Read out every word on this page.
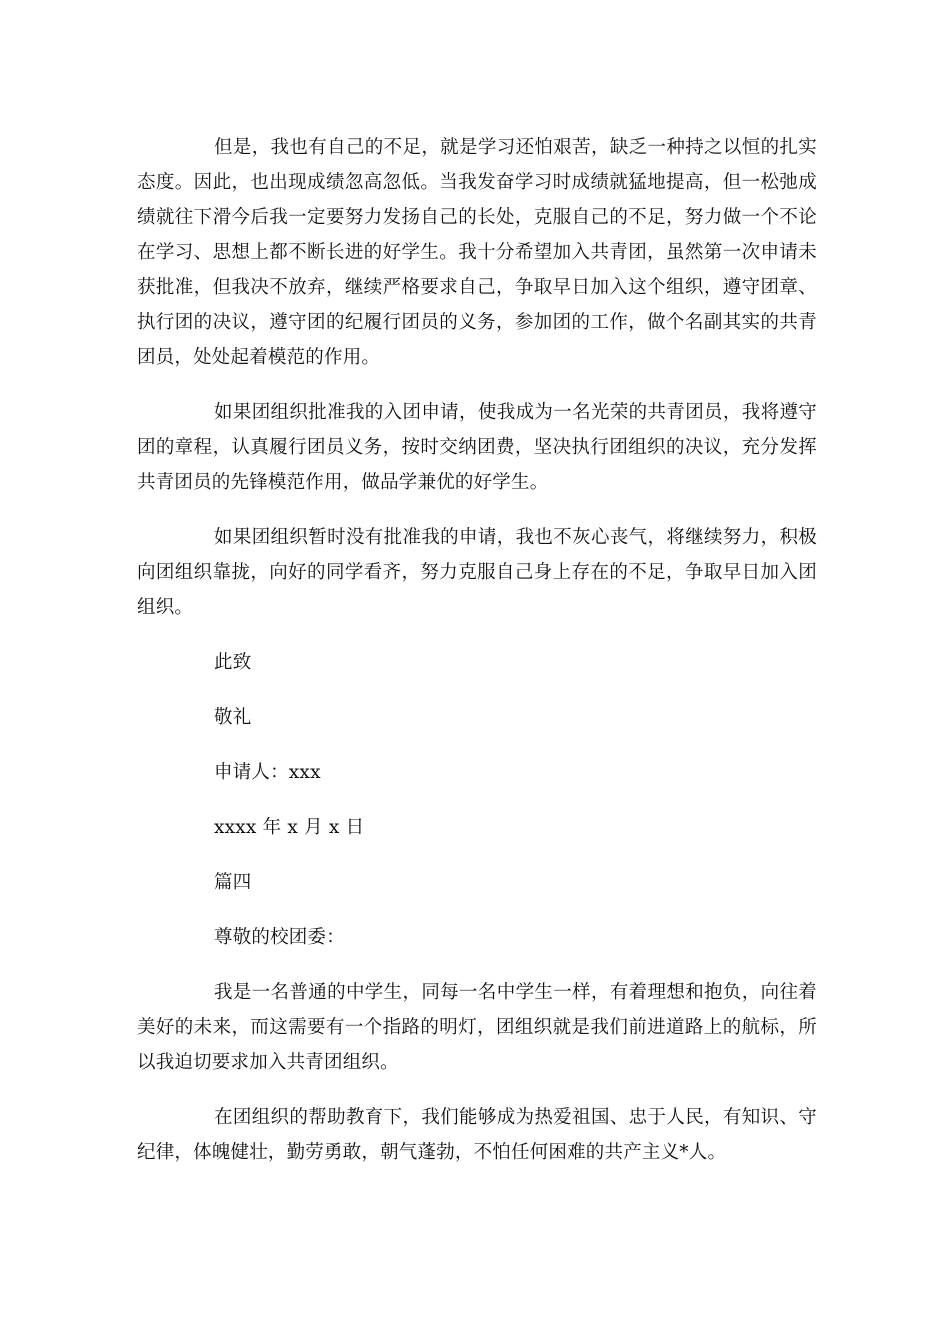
但是，我也有自己的不足，就是学习还怕艰苦，缺乏一种持之以恒的扎实态度。因此，也出现成绩忽高忽低。当我发奋学习时成绩就猛地提高，但一松弛成绩就往下滑今后我一定要努力发扬自己的长处，克服自己的不足，努力做一个不论在学习、思想上都不断长进的好学生。我十分希望加入共青团，虽然第一次申请未获批准，但我决不放弃，继续严格要求自己，争取早日加入这个组织，遵守团章、执行团的决议，遵守团的纪履行团员的义务，参加团的工作，做个名副其实的共青团员，处处起着模范的作用。

如果团组织批准我的入团申请，使我成为一名光荣的共青团员，我将遵守团的章程，认真履行团员义务，按时交纳团费，坚决执行团组织的决议，充分发挥共青团员的先锋模范作用，做品学兼优的好学生。

如果团组织暂时没有批准我的申请，我也不灰心丧气，将继续努力，积极向团组织靠拢，向好的同学看齐，努力克服自己身上存在的不足，争取早日加入团组织。

此致

敬礼

申请人：xxx

xxxx 年 x 月 x 日

篇四

尊敬的校团委：

我是一名普通的中学生，同每一名中学生一样，有着理想和抱负，向往着美好的未来，而这需要有一个指路的明灯，团组织就是我们前进道路上的航标，所以我迫切要求加入共青团组织。

在团组织的帮助教育下，我们能够成为热爱祖国、忠于人民，有知识、守纪律，体魄健壮，勤劳勇敢，朝气蓬勃，不怕任何困难的共产主义*人。
